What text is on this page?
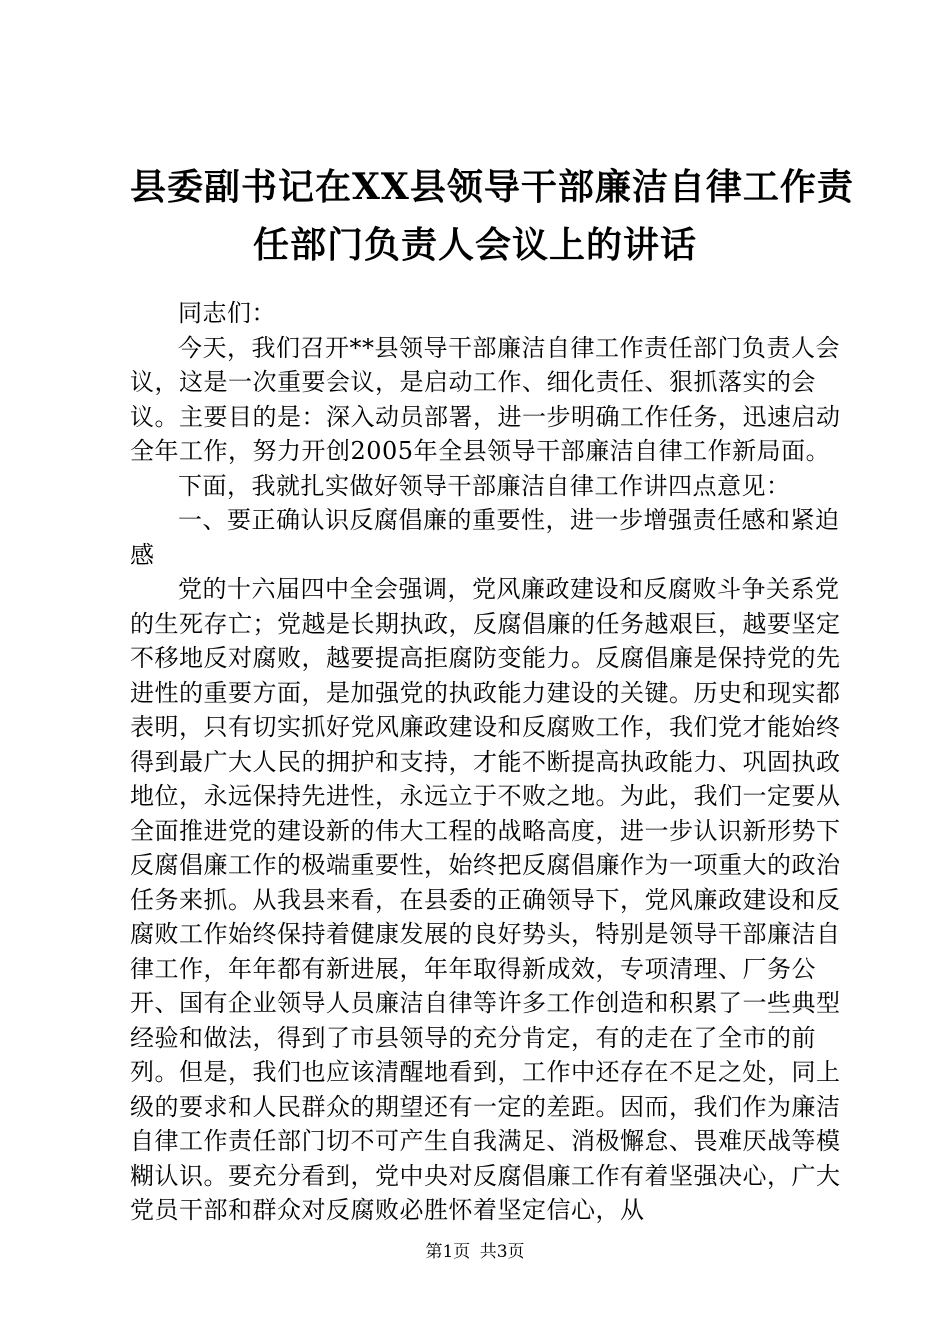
县委副书记在XX县领导干部廉洁自律工作责
任部门负责人会议上的讲话

同志们：

今天，我们召开**县领导干部廉洁自律工作责任部门负责人会议，这是一次重要会议，是启动工作、细化责任、狠抓落实的会议。主要目的是：深入动员部署，进一步明确工作任务，迅速启动全年工作，努力开创2005年全县领导干部廉洁自律工作新局面。

下面，我就扎实做好领导干部廉洁自律工作讲四点意见：

一、要正确认识反腐倡廉的重要性，进一步增强责任感和紧迫感

党的十六届四中全会强调，党风廉政建设和反腐败斗争关系党的生死存亡；党越是长期执政，反腐倡廉的任务越艰巨，越要坚定不移地反对腐败，越要提高拒腐防变能力。反腐倡廉是保持党的先进性的重要方面，是加强党的执政能力建设的关键。历史和现实都表明，只有切实抓好党风廉政建设和反腐败工作，我们党才能始终得到最广大人民的拥护和支持，才能不断提高执政能力、巩固执政地位，永远保持先进性，永远立于不败之地。为此，我们一定要从全面推进党的建设新的伟大工程的战略高度，进一步认识新形势下反腐倡廉工作的极端重要性，始终把反腐倡廉作为一项重大的政治任务来抓。从我县来看，在县委的正确领导下，党风廉政建设和反腐败工作始终保持着健康发展的良好势头，特别是领导干部廉洁自律工作，年年都有新进展，年年取得新成效，专项清理、厂务公开、国有企业领导人员廉洁自律等许多工作创造和积累了一些典型经验和做法，得到了市县领导的充分肯定，有的走在了全市的前列。但是，我们也应该清醒地看到，工作中还存在不足之处，同上级的要求和人民群众的期望还有一定的差距。因而，我们作为廉洁自律工作责任部门切不可产生自我满足、消极懈怠、畏难厌战等模糊认识。要充分看到，党中央对反腐倡廉工作有着坚强决心，广大党员干部和群众对反腐败必胜怀着坚定信心，从

第1页 共3页
